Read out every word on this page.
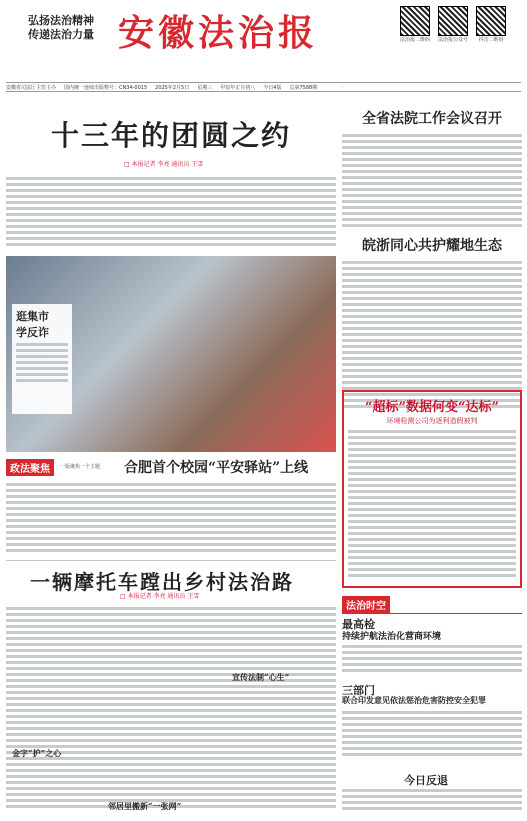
弘扬法治精神
传递法治力量 安徽法治报	法治报二维码 法治报公众号	抖音二维码
安徽省司法厅主管主办 国内统一连续出版物号：CN34-0015 2025年2月5日 星期三 甲辰年正月初八 今日4版 总第7588期
十三年的团圆之约
□ 本报记者 李亮 通讯员 王雪
逛集市
学反诈
政法聚焦	一版聚焦一个主题 合肥首个校园“平安驿站”上线
一辆摩托车蹚出乡村法治路
□ 本报记者 李亮 通讯员 王雪
金字“护”之心
宣传法制“心生”
邻居里搬新“一张网”
全省法院工作会议召开
皖浙同心共护耀地生态
“超标”数据何变“达标”
环境检测公司为逐利造假被判
法治时空
最高检
持续护航法治化营商环境
三部门
联合印发意见依法惩治危害防控安全犯罪
今日反退
如
